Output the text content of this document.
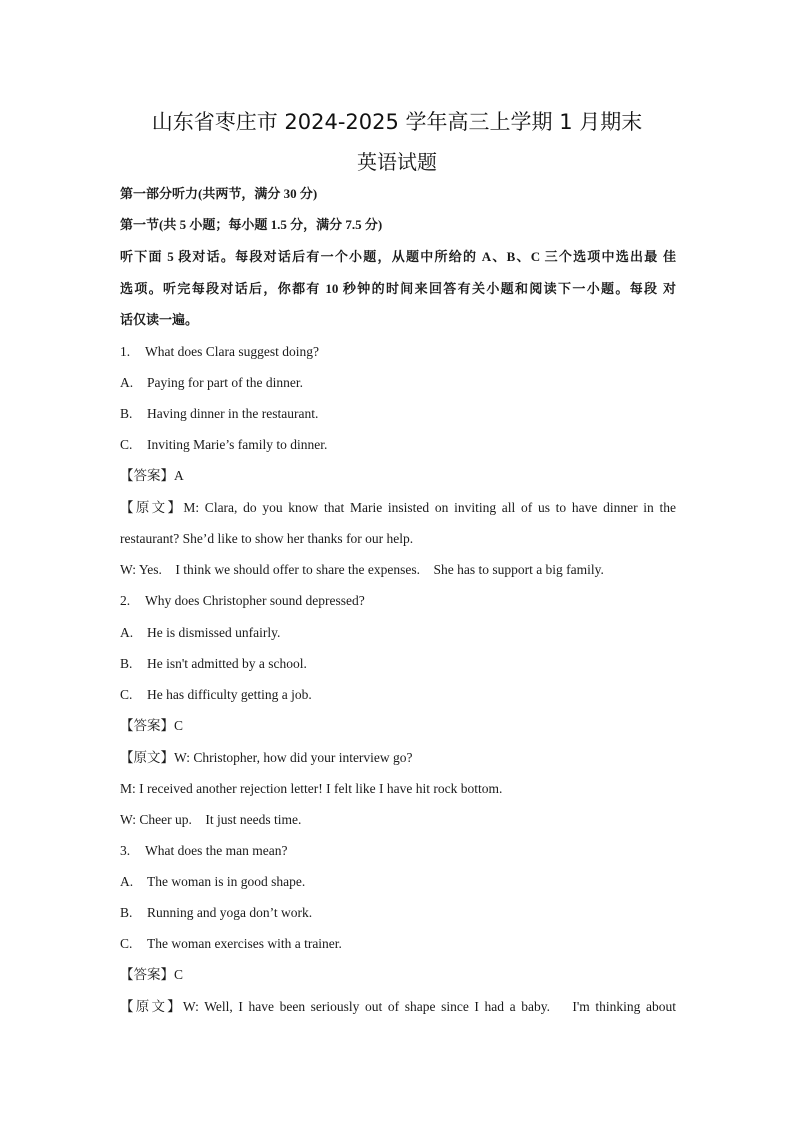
山东省枣庄市 2024-2025 学年高三上学期 1 月期末
英语试题
第一部分听力(共两节，满分 30 分)
第一节(共 5 小题；每小题 1.5 分，满分 7.5 分)
听下面 5 段对话。每段对话后有一个小题，从题中所给的 A、B、C 三个选项中选出最 佳
选项。听完每段对话后，你都有 10 秒钟的时间来回答有关小题和阅读下一小题。每段 对
话仅读一遍。
1. What does Clara suggest doing?
A. Paying for part of the dinner.
B. Having dinner in the restaurant.
C. Inviting Marie’s family to dinner.
【答案】A
【原文】M: Clara, do you know that Marie insisted on inviting all of us to have dinner in the
restaurant? She’d like to show her thanks for our help.
W: Yes.    I think we should offer to share the expenses.    She has to support a big family.
2. Why does Christopher sound depressed?
A. He is dismissed unfairly.
B. He isn't admitted by a school.
C. He has difficulty getting a job.
【答案】C
【原文】W: Christopher, how did your interview go?
M: I received another rejection letter! I felt like I have hit rock bottom.
W: Cheer up.    It just needs time.
3. What does the man mean?
A. The woman is in good shape.
B. Running and yoga don’t work.
C. The woman exercises with a trainer.
【答案】C
【原文】W: Well, I have been seriously out of shape since I had a baby.    I'm thinking about
